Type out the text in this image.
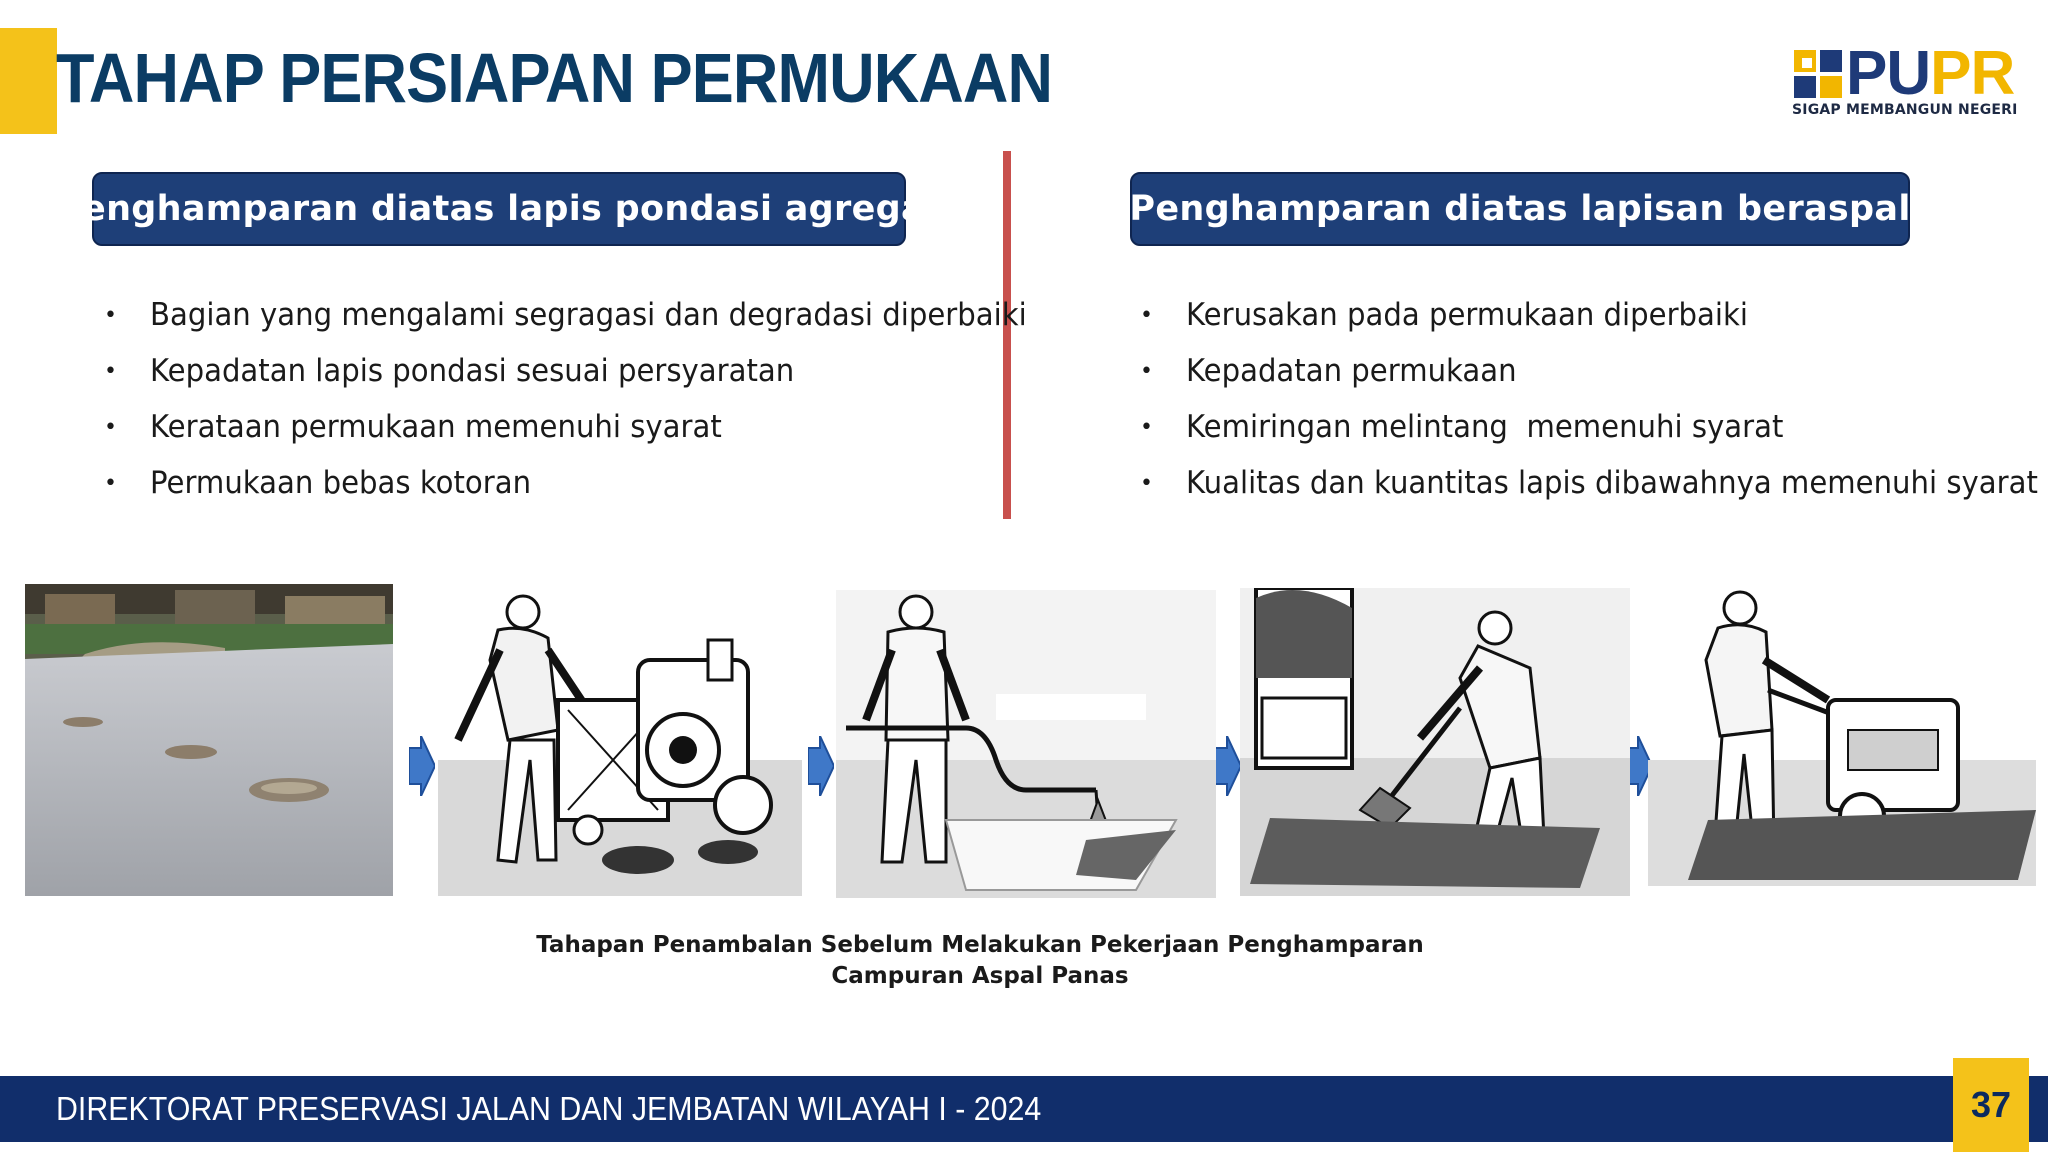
TAHAP PERSIAPAN PERMUKAAN	PUPR
SIGAP MEMBANGUN NEGERI
Penghamparan diatas lapis pondasi agregat	Penghamparan diatas lapisan beraspal
•	Bagian yang mengalami segragasi dan degradasi diperbaiki
•	Kepadatan lapis pondasi sesuai persyaratan
•	Kerataan permukaan memenuhi syarat
•	Permukaan bebas kotoran
•	Kerusakan pada permukaan diperbaiki
•	Kepadatan permukaan
•	Kemiringan melintang  memenuhi syarat
•	Kualitas dan kuantitas lapis dibawahnya memenuhi syarat
Tahapan Penambalan Sebelum Melakukan Pekerjaan Penghamparan
Campuran Aspal Panas
DIREKTORAT PRESERVASI JALAN DAN JEMBATAN WILAYAH I - 2024	37
